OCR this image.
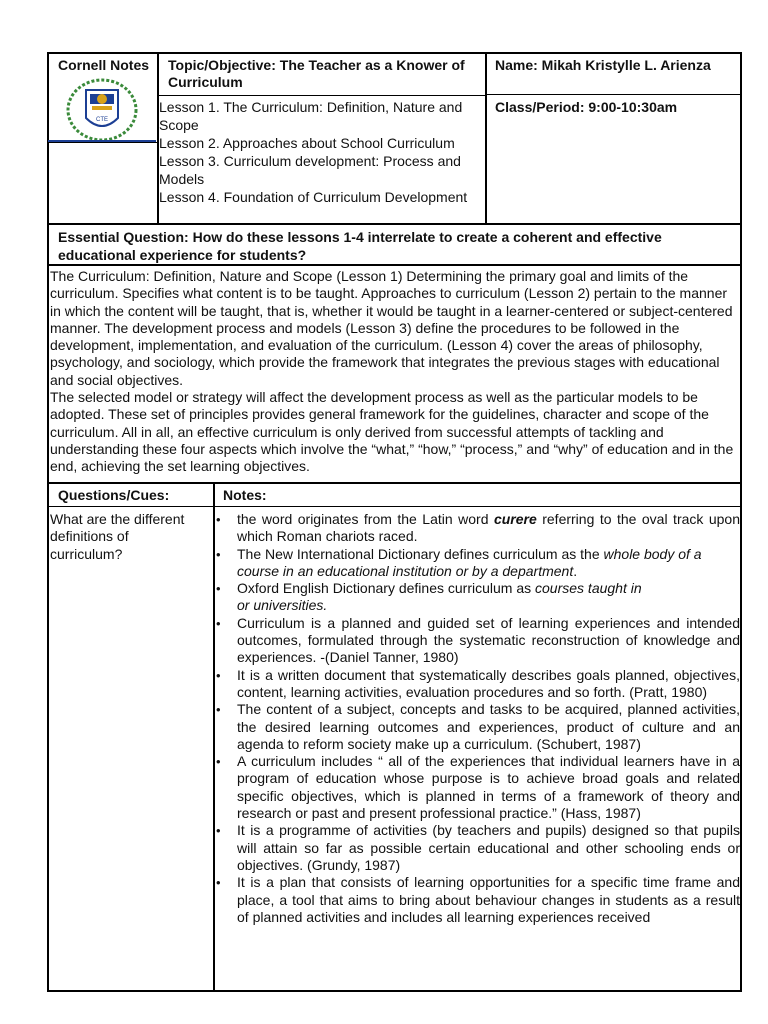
Cornell Notes
CTE
Topic/Objective: The Teacher as a Knower of Curriculum
Name: Mikah Kristylle L. Arienza
Lesson 1. The Curriculum: Definition, Nature and Scope
Lesson 2. Approaches about School Curriculum
Lesson 3. Curriculum development: Process and Models
Lesson 4. Foundation of Curriculum Development
Class/Period: 9:00-10:30am
Essential Question: How do these lessons 1-4 interrelate to create a coherent and effective educational experience for students?
The Curriculum: Definition, Nature and Scope (Lesson 1) Determining the primary goal and limits of the curriculum. Specifies what content is to be taught. Approaches to curriculum (Lesson 2) pertain to the manner in which the content will be taught, that is, whether it would be taught in a learner-centered or subject-centered manner. The development process and models (Lesson 3) define the procedures to be followed in the development, implementation, and evaluation of the curriculum. (Lesson 4) cover the areas of philosophy, psychology, and sociology, which provide the framework that integrates the previous stages with educational and social objectives.
The selected model or strategy will affect the development process as well as the particular models to be adopted. These set of principles provides general framework for the guidelines, character and scope of the curriculum. All in all, an effective curriculum is only derived from successful attempts of tackling and understanding these four aspects which involve the “what,” “how,” “process,” and “why” of education and in the end, achieving the set learning objectives.
Questions/Cues:	Notes:
What are the different definitions of curriculum?
• the word originates from the Latin word curere referring to the oval track upon which Roman chariots raced.
• The New International Dictionary defines curriculum as the whole body of a course in an educational institution or by a department.
• Oxford English Dictionary defines curriculum as courses taught in
or universities.
• Curriculum is a planned and guided set of learning experiences and intended outcomes, formulated through the systematic reconstruction of knowledge and experiences. -(Daniel Tanner, 1980)
• It is a written document that systematically describes goals planned, objectives, content, learning activities, evaluation procedures and so forth. (Pratt, 1980)
• The content of a subject, concepts and tasks to be acquired, planned activities, the desired learning outcomes and experiences, product of culture and an agenda to reform society make up a curriculum. (Schubert, 1987)
• A curriculum includes “ all of the experiences that individual learners have in a program of education whose purpose is to achieve broad goals and related specific objectives, which is planned in terms of a framework of theory and research or past and present professional practice.” (Hass, 1987)
• It is a programme of activities (by teachers and pupils) designed so that pupils will attain so far as possible certain educational and other schooling ends or objectives. (Grundy, 1987)
• It is a plan that consists of learning opportunities for a specific time frame and place, a tool that aims to bring about behaviour changes in students as a result of planned activities and includes all learning experiences received
